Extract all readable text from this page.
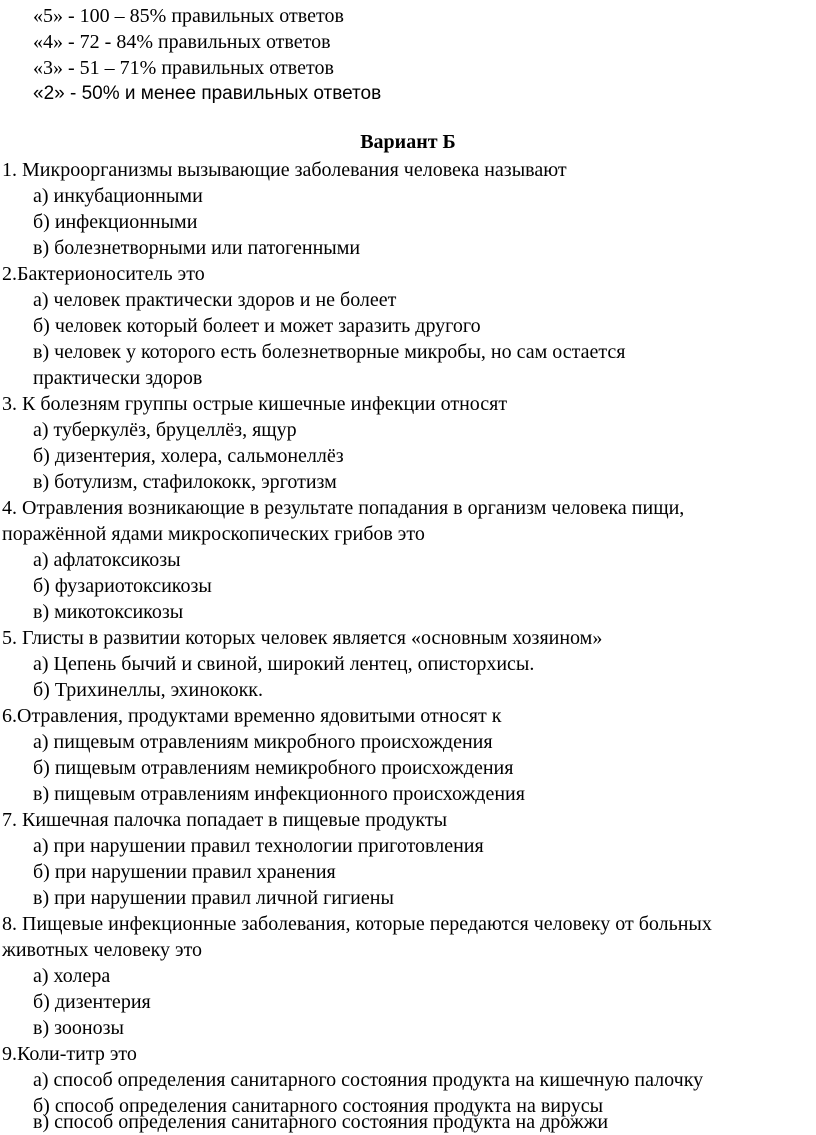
«5» - 100 – 85% правильных ответов
«4» - 72 - 84% правильных ответов
«3» - 51 – 71% правильных ответов
«2» - 50% и менее правильных ответов
Вариант Б
1. Микроорганизмы вызывающие заболевания человека называют
а) инкубационными
б) инфекционными
в) болезнетворными или патогенными
2.Бактерионоситель это
а) человек практически здоров и не болеет
б) человек который болеет и может заразить другого
в) человек у которого есть болезнетворные микробы, но сам остается
практически здоров
3. К болезням группы острые кишечные инфекции относят
а) туберкулёз, бруцеллёз, ящур
б) дизентерия, холера, сальмонеллёз
в) ботулизм, стафилококк, эрготизм
4. Отравления возникающие в результате попадания в организм человека пищи,
поражённой ядами микроскопических грибов это
а) афлатоксикозы
б) фузариотоксикозы
в) микотоксикозы
5. Глисты в развитии которых человек является «основным хозяином»
а) Цепень бычий и свиной, широкий лентец, описторхисы.
б) Трихинеллы, эхинококк.
6.Отравления, продуктами временно ядовитыми относят к
а) пищевым отравлениям микробного происхождения
б) пищевым отравлениям немикробного происхождения
в) пищевым отравлениям инфекционного происхождения
7. Кишечная палочка попадает в пищевые продукты
а) при нарушении правил технологии приготовления
б) при нарушении правил хранения
в) при нарушении правил личной гигиены
8. Пищевые инфекционные заболевания, которые передаются человеку от больных
животных человеку это
а) холера
б) дизентерия
в) зоонозы
9.Коли-титр это
а) способ определения санитарного состояния продукта на кишечную палочку
б) способ определения санитарного состояния продукта на вирусы
в) способ определения санитарного состояния продукта на дрожжи
